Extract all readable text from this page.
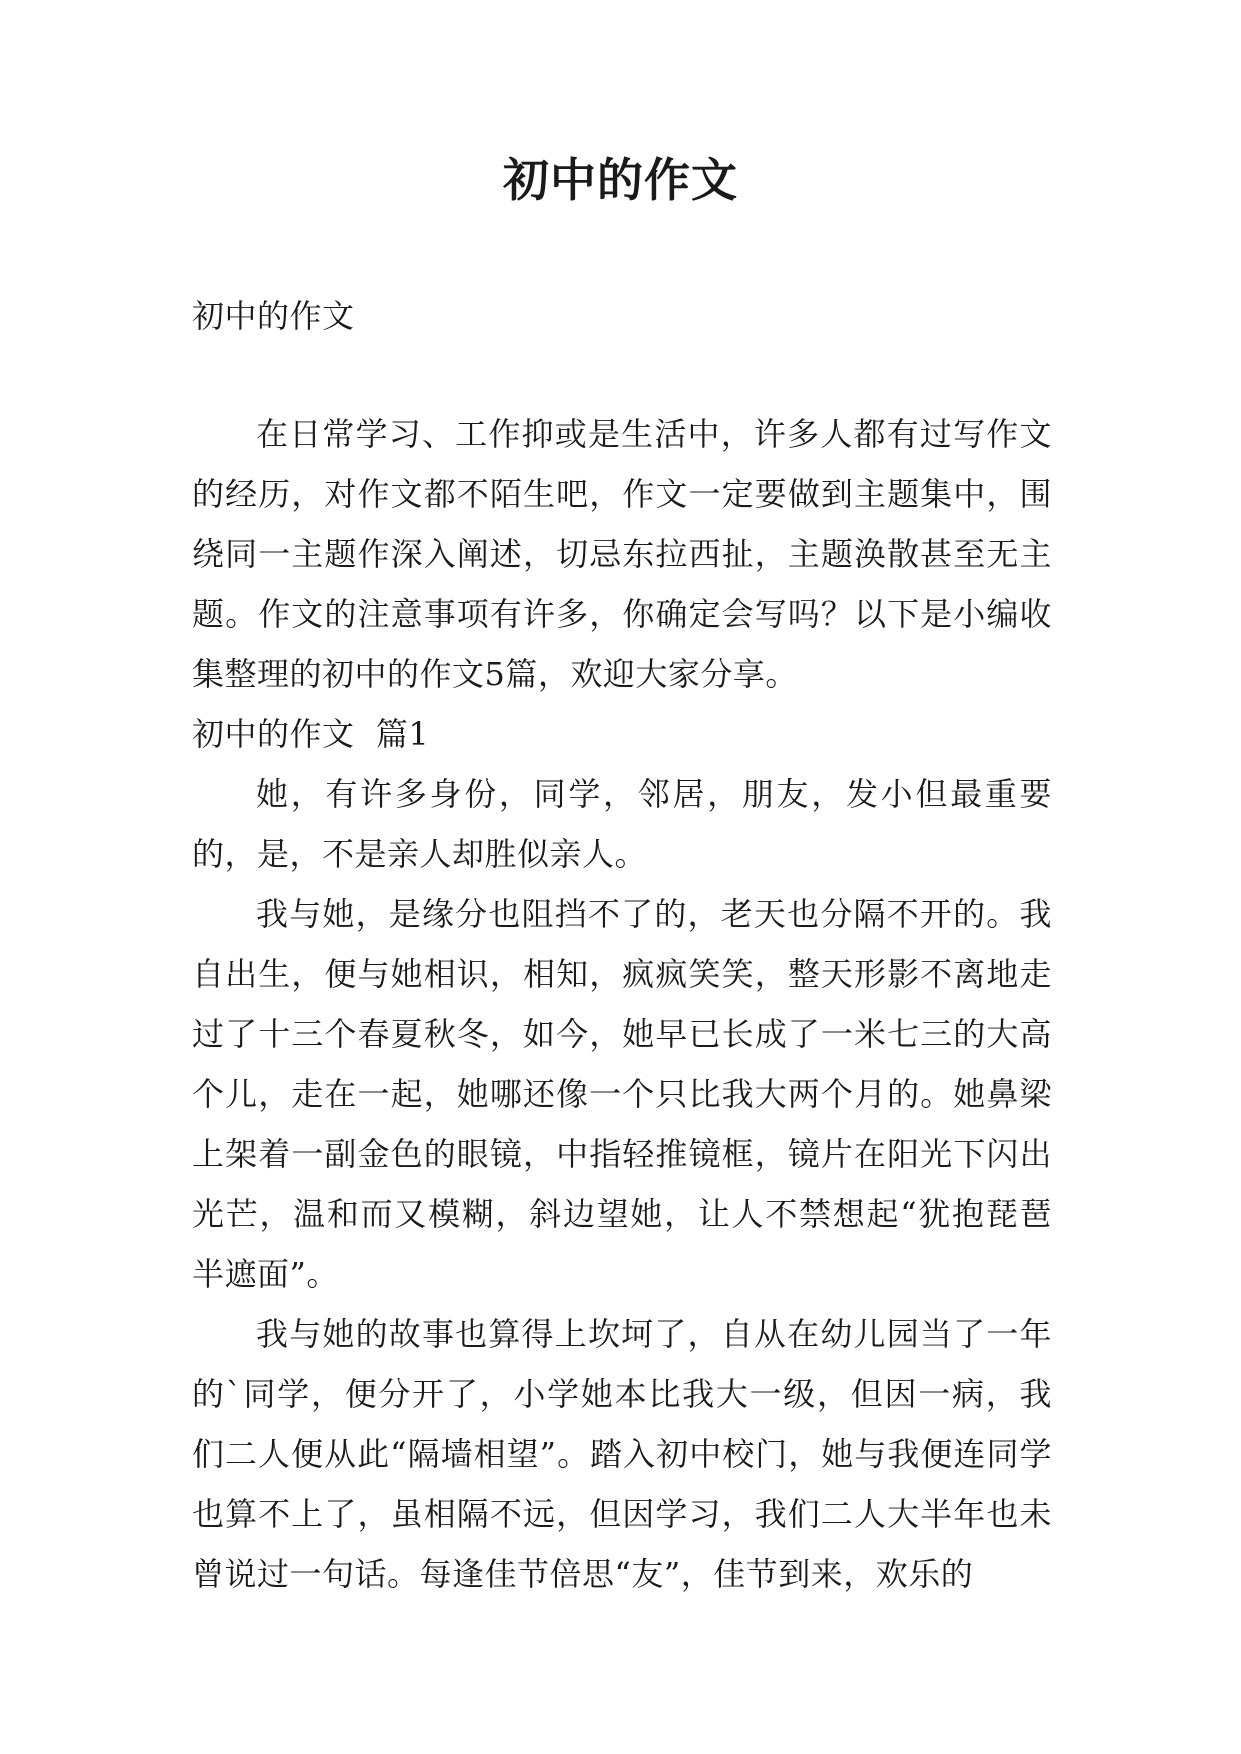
初中的作文

初中的作文

在日常学习、工作抑或是生活中，许多人都有过写作文的经历，对作文都不陌生吧，作文一定要做到主题集中，围绕同一主题作深入阐述，切忌东拉西扯，主题涣散甚至无主题。作文的注意事项有许多，你确定会写吗？以下是小编收集整理的初中的作文5篇，欢迎大家分享。

初中的作文  篇1

她，有许多身份，同学，邻居，朋友，发小但最重要的，是，不是亲人却胜似亲人。

我与她，是缘分也阻挡不了的，老天也分隔不开的。我自出生，便与她相识，相知，疯疯笑笑，整天形影不离地走过了十三个春夏秋冬，如今，她早已长成了一米七三的大高个儿，走在一起，她哪还像一个只比我大两个月的。她鼻梁上架着一副金色的眼镜，中指轻推镜框，镜片在阳光下闪出光芒，温和而又模糊，斜边望她，让人不禁想起“犹抱琵琶半遮面”。

我与她的故事也算得上坎坷了，自从在幼儿园当了一年的`同学，便分开了，小学她本比我大一级，但因一病，我们二人便从此“隔墙相望”。踏入初中校门，她与我便连同学也算不上了，虽相隔不远，但因学习，我们二人大半年也未曾说过一句话。每逢佳节倍思“友”，佳节到来，欢乐的
